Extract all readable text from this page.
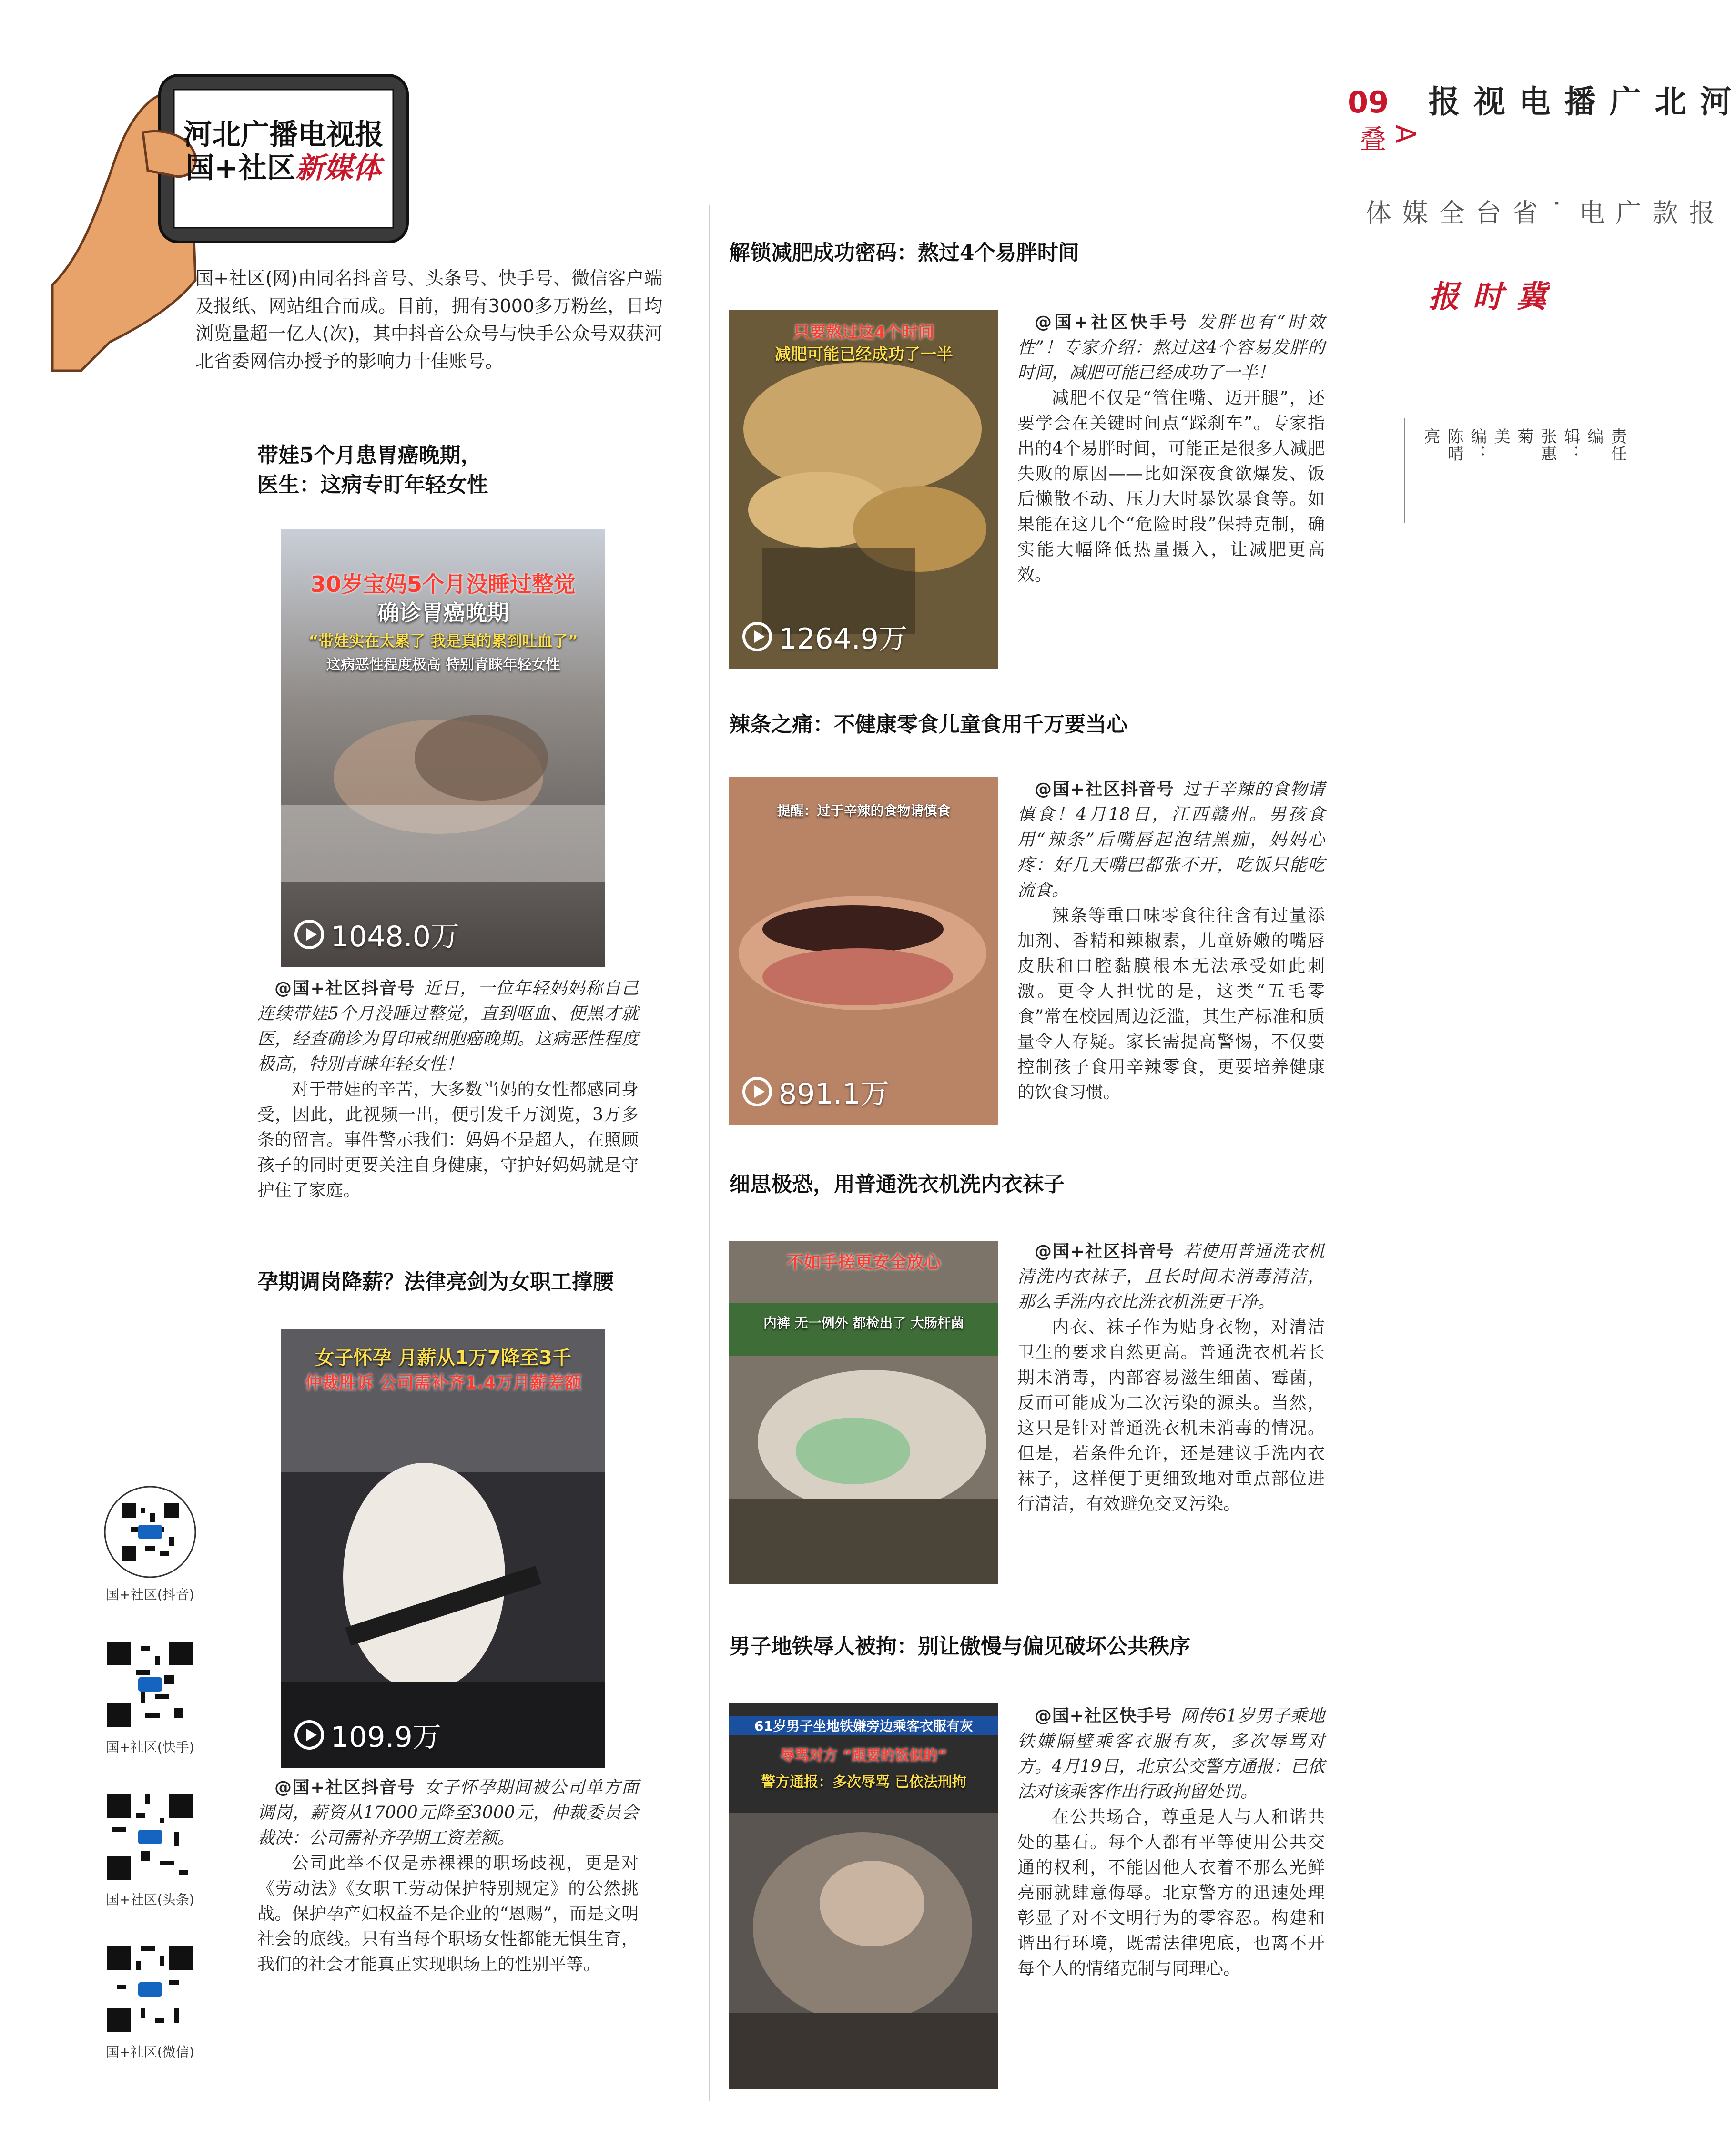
河北广播电视报
国+社区新媒体
国+社区(网)由同名抖音号、头条号、快手号、微信客户端及报纸、网站组合而成。目前，拥有3000多万粉丝，日均浏览量超一亿人(次)，其中抖音公众号与快手公众号双获河北省委网信办授予的影响力十佳账号。
09
A叠
报款广电·省台全媒体
河北广播电视报
冀时报
责任编辑：张惠菊 美编：陈晴亮
带娃5个月患胃癌晚期，
医生：这病专盯年轻女性
30岁宝妈5个月没睡过整觉
确诊胃癌晚期
“带娃实在太累了 我是真的累到吐血了”
这病恶性程度极高 特别青睐年轻女性
1048.0万

@国+社区抖音号 近日，一位年轻妈妈称自己连续带娃5个月没睡过整觉，直到呕血、便黑才就医，经查确诊为胃印戒细胞癌晚期。这病恶性程度极高，特别青睐年轻女性！

对于带娃的辛苦，大多数当妈的女性都感同身受，因此，此视频一出，便引发千万浏览，3万多条的留言。事件警示我们：妈妈不是超人，在照顾孩子的同时更要关注自身健康，守护好妈妈就是守护住了家庭。

孕期调岗降薪？法律亮剑为女职工撑腰
女子怀孕 月薪从1万7降至3千
仲裁胜诉 公司需补齐1.4万月薪差额
109.9万

@国+社区抖音号 女子怀孕期间被公司单方面调岗，薪资从17000元降至3000元，仲裁委员会裁决：公司需补齐孕期工资差额。

公司此举不仅是赤裸裸的职场歧视，更是对《劳动法》《女职工劳动保护特别规定》的公然挑战。保护孕产妇权益不是企业的“恩赐”，而是文明社会的底线。只有当每个职场女性都能无惧生育，我们的社会才能真正实现职场上的性别平等。

国+社区(抖音)
国+社区(快手)
国+社区(头条)
国+社区(微信)
解锁减肥成功密码：熬过4个易胖时间
只要熬过这4个时间
减肥可能已经成功了一半
1264.9万

@国+社区快手号 发胖也有“时效性”！专家介绍：熬过这4个容易发胖的时间，减肥可能已经成功了一半！

减肥不仅是“管住嘴、迈开腿”，还要学会在关键时间点“踩刹车”。专家指出的4个易胖时间，可能正是很多人减肥失败的原因——比如深夜食欲爆发、饭后懒散不动、压力大时暴饮暴食等。如果能在这几个“危险时段”保持克制，确实能大幅降低热量摄入，让减肥更高效。

辣条之痛：不健康零食儿童食用千万要当心
提醒：过于辛辣的食物请慎食
891.1万

@国+社区抖音号 过于辛辣的食物请慎食！4月18日，江西赣州。男孩食用“辣条”后嘴唇起泡结黑痂，妈妈心疼：好几天嘴巴都张不开，吃饭只能吃流食。

辣条等重口味零食往往含有过量添加剂、香精和辣椒素，儿童娇嫩的嘴唇皮肤和口腔黏膜根本无法承受如此刺激。更令人担忧的是，这类“五毛零食”常在校园周边泛滥，其生产标准和质量令人存疑。家长需提高警惕，不仅要控制孩子食用辛辣零食，更要培养健康的饮食习惯。

细思极恐，用普通洗衣机洗内衣袜子
不如手搓更安全放心
内裤 无一例外 都检出了 大肠杆菌

@国+社区抖音号 若使用普通洗衣机清洗内衣袜子，且长时间未消毒清洁，那么手洗内衣比洗衣机洗更干净。

内衣、袜子作为贴身衣物，对清洁卫生的要求自然更高。普通洗衣机若长期未消毒，内部容易滋生细菌、霉菌，反而可能成为二次污染的源头。当然，这只是针对普通洗衣机未消毒的情况。但是，若条件允许，还是建议手洗内衣袜子，这样便于更细致地对重点部位进行清洁，有效避免交叉污染。

男子地铁辱人被拘：别让傲慢与偏见破坏公共秩序
61岁男子坐地铁嫌旁边乘客衣服有灰
辱骂对方 “跟要的饭似的”
警方通报：多次辱骂 已依法刑拘

@国+社区快手号 网传61岁男子乘地铁嫌隔壁乘客衣服有灰，多次辱骂对方。4月19日，北京公交警方通报：已依法对该乘客作出行政拘留处罚。

在公共场合，尊重是人与人和谐共处的基石。每个人都有平等使用公共交通的权利，不能因他人衣着不那么光鲜亮丽就肆意侮辱。北京警方的迅速处理彰显了对不文明行为的零容忍。构建和谐出行环境，既需法律兜底，也离不开每个人的情绪克制与同理心。
